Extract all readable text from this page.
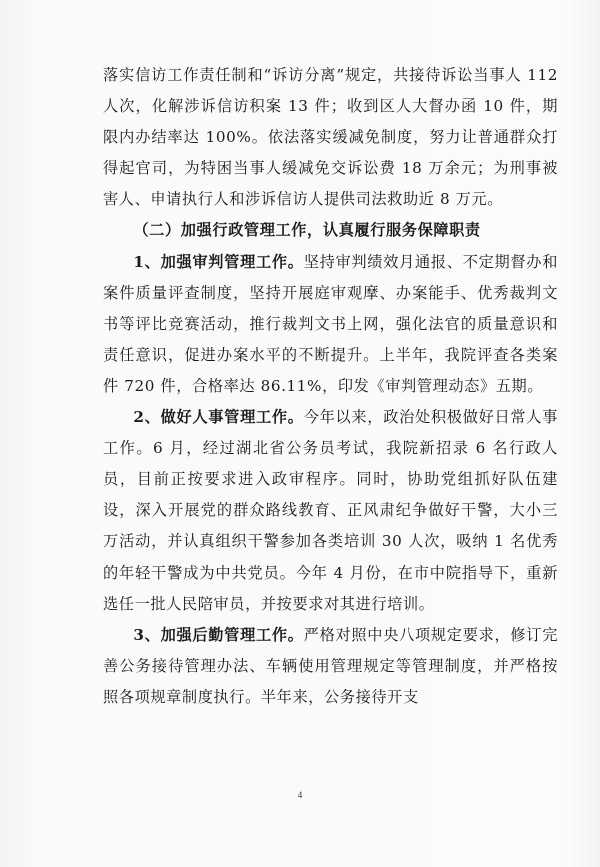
落实信访工作责任制和“诉访分离”规定，共接待诉讼当事人 112 人次，化解涉诉信访积案 13 件；收到区人大督办函 10 件，期限内办结率达 100%。依法落实缓减免制度，努力让普通群众打得起官司，为特困当事人缓减免交诉讼费 18 万余元；为刑事被害人、申请执行人和涉诉信访人提供司法救助近 8 万元。

（二）加强行政管理工作，认真履行服务保障职责

1、加强审判管理工作。坚持审判绩效月通报、不定期督办和案件质量评查制度，坚持开展庭审观摩、办案能手、优秀裁判文书等评比竞赛活动，推行裁判文书上网，强化法官的质量意识和责任意识，促进办案水平的不断提升。上半年，我院评查各类案件 720 件，合格率达 86.11%，印发《审判管理动态》五期。

2、做好人事管理工作。今年以来，政治处积极做好日常人事工作。6 月，经过湖北省公务员考试，我院新招录 6 名行政人员，目前正按要求进入政审程序。同时，协助党组抓好队伍建设，深入开展党的群众路线教育、正风肃纪争做好干警，大小三万活动，并认真组织干警参加各类培训 30 人次，吸纳 1 名优秀的年轻干警成为中共党员。今年 4 月份，在市中院指导下，重新选任一批人民陪审员，并按要求对其进行培训。

3、加强后勤管理工作。严格对照中央八项规定要求，修订完善公务接待管理办法、车辆使用管理规定等管理制度，并严格按照各项规章制度执行。半年来，公务接待开支

4
